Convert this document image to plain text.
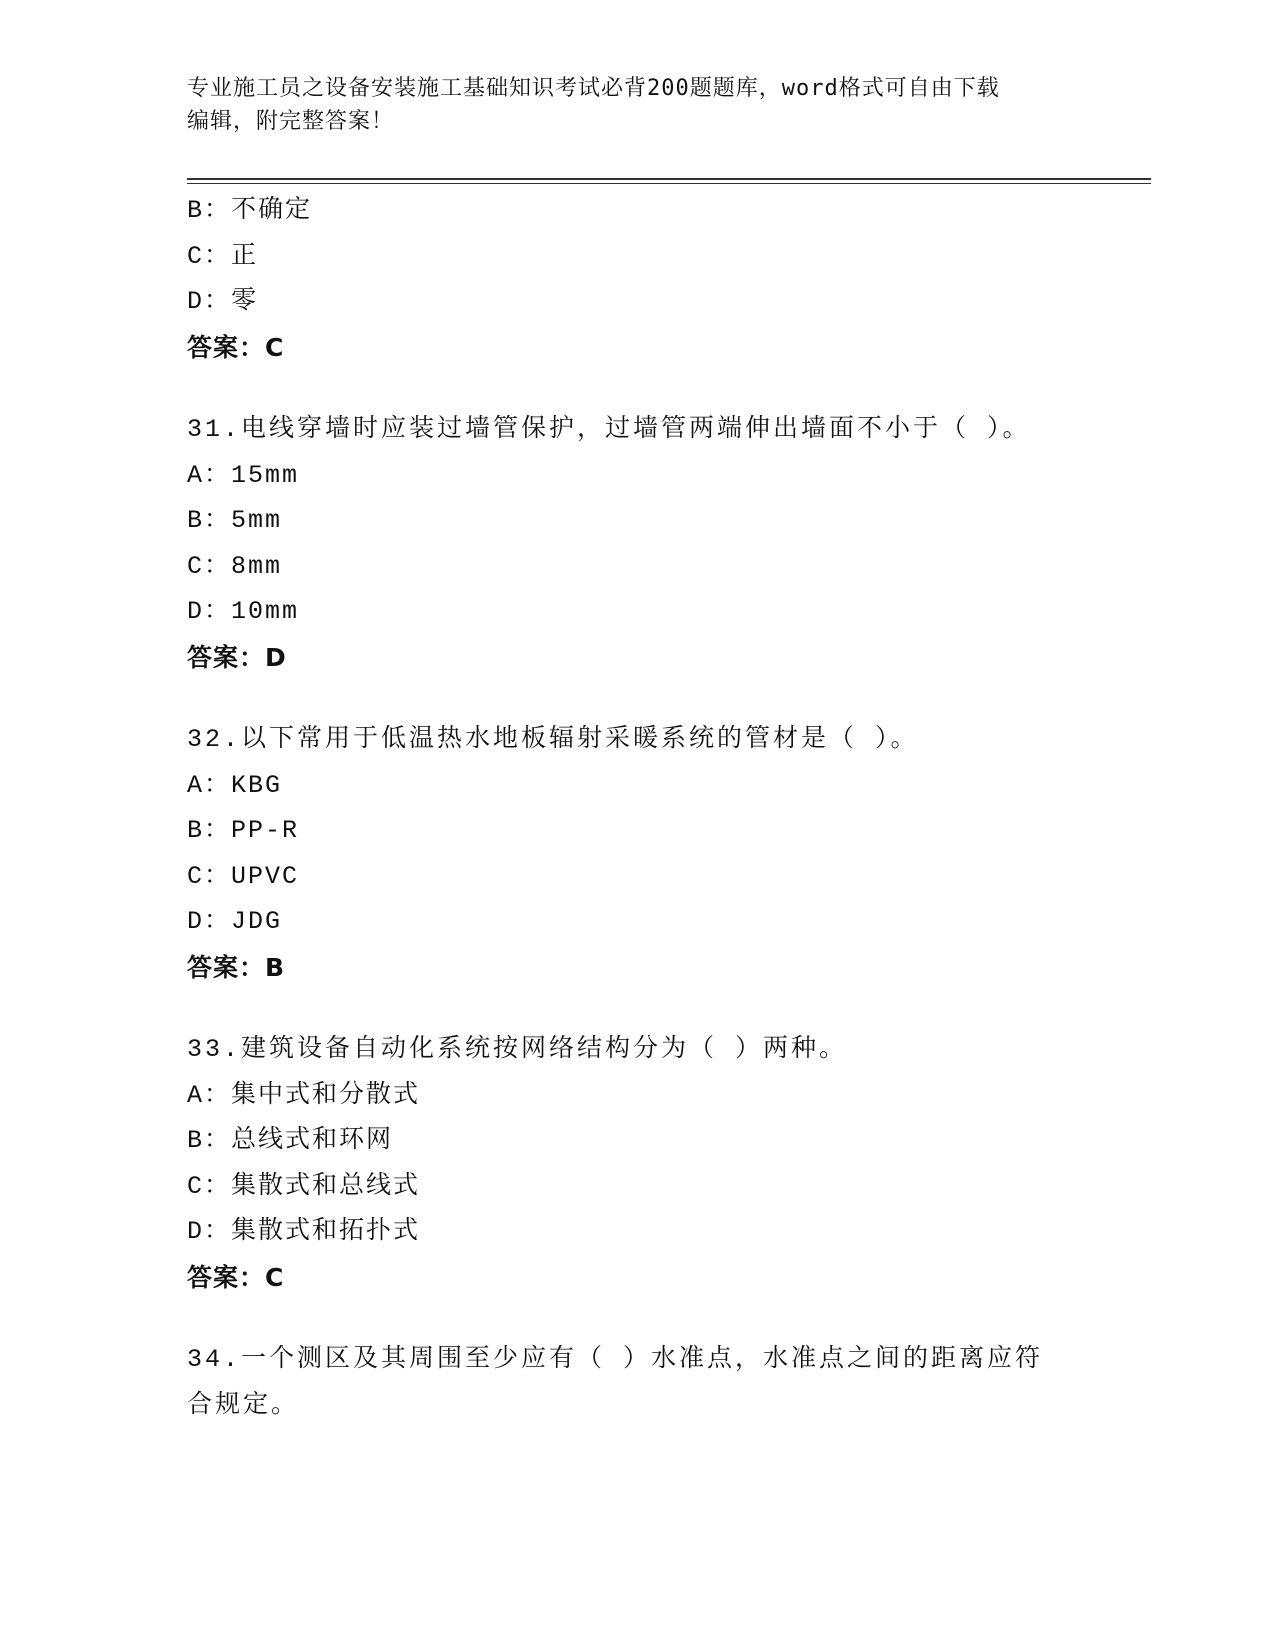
专业施工员之设备安装施工基础知识考试必背200题题库，word格式可自由下载
编辑，附完整答案！
B：不确定
C：正
D：零
答案：C
31.电线穿墙时应装过墙管保护，过墙管两端伸出墙面不小于（ ）。
A：15mm
B：5mm
C：8mm
D：10mm
答案：D
32.以下常用于低温热水地板辐射采暖系统的管材是（ ）。
A：KBG
B：PP-R
C：UPVC
D：JDG
答案：B
33.建筑设备自动化系统按网络结构分为（ ）两种。
A：集中式和分散式
B：总线式和环网
C：集散式和总线式
D：集散式和拓扑式
答案：C
34.一个测区及其周围至少应有（ ）水准点，水准点之间的距离应符
合规定。
